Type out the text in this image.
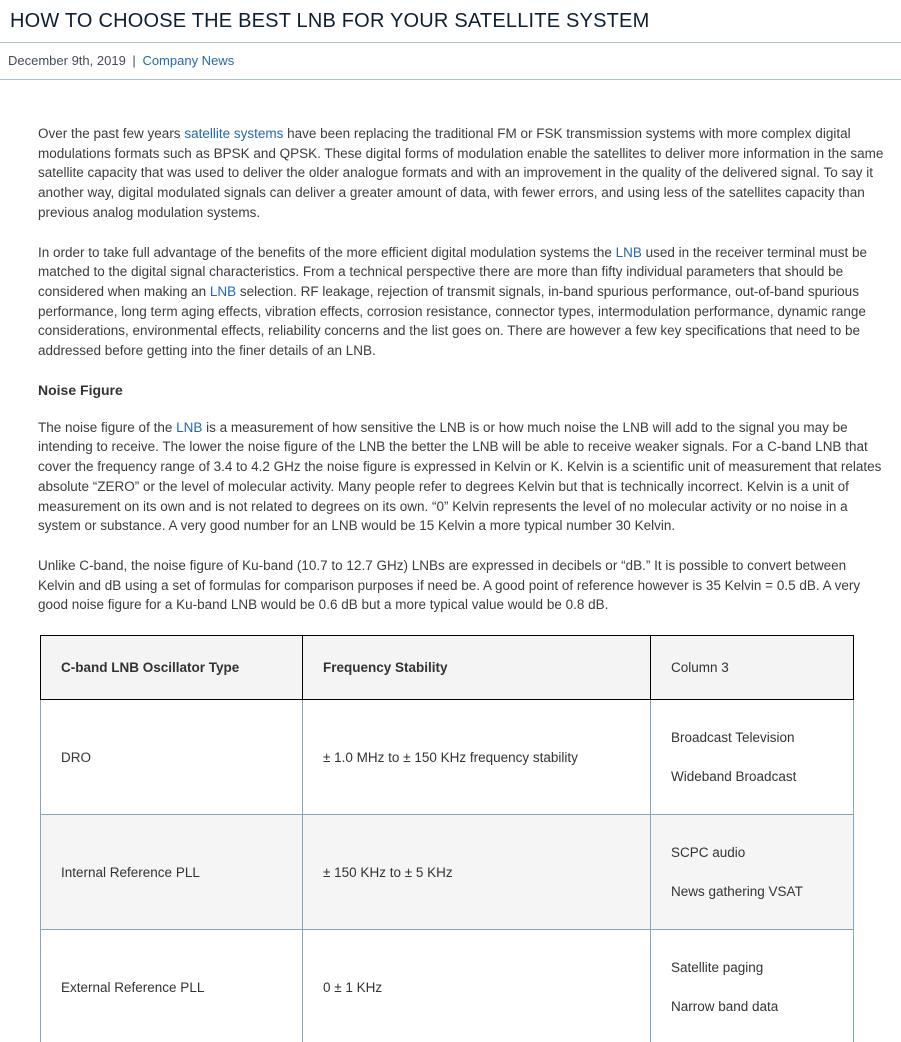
HOW TO CHOOSE THE BEST LNB FOR YOUR SATELLITE SYSTEM
December 9th, 2019 | Company News

Over the past few years satellite systems have been replacing the traditional FM or FSK transmission systems with more complex digital modulations formats such as BPSK and QPSK. These digital forms of modulation enable the satellites to deliver more information in the same satellite capacity that was used to deliver the older analogue formats and with an improvement in the quality of the delivered signal. To say it another way, digital modulated signals can deliver a greater amount of data, with fewer errors, and using less of the satellites capacity than previous analog modulation systems.

In order to take full advantage of the benefits of the more efficient digital modulation systems the LNB used in the receiver terminal must be matched to the digital signal characteristics. From a technical perspective there are more than fifty individual parameters that should be considered when making an LNB selection. RF leakage, rejection of transmit signals, in-band spurious performance, out-of-band spurious performance, long term aging effects, vibration effects, corrosion resistance, connector types, intermodulation performance, dynamic range considerations, environmental effects, reliability concerns and the list goes on. There are however a few key specifications that need to be addressed before getting into the finer details of an LNB.

Noise Figure

The noise figure of the LNB is a measurement of how sensitive the LNB is or how much noise the LNB will add to the signal you may be intending to receive. The lower the noise figure of the LNB the better the LNB will be able to receive weaker signals. For a C-band LNB that cover the frequency range of 3.4 to 4.2 GHz the noise figure is expressed in Kelvin or K. Kelvin is a scientific unit of measurement that relates absolute “ZERO” or the level of molecular activity. Many people refer to degrees Kelvin but that is technically incorrect. Kelvin is a unit of measurement on its own and is not related to degrees on its own. “0” Kelvin represents the level of no molecular activity or no noise in a system or substance. A very good number for an LNB would be 15 Kelvin a more typical number 30 Kelvin.

Unlike C-band, the noise figure of Ku-band (10.7 to 12.7 GHz) LNBs are expressed in decibels or “dB.” It is possible to convert between Kelvin and dB using a set of formulas for comparison purposes if need be. A good point of reference however is 35 Kelvin = 0.5 dB. A very good noise figure for a Ku-band LNB would be 0.6 dB but a more typical value would be 0.8 dB.

C-band LNB Oscillator Type	Frequency Stability	Column 3
DRO	± 1.0 MHz to ± 150 KHz frequency stability	Broadcast Television

Wideband Broadcast

Internal Reference PLL	± 150 KHz to ± 5 KHz	SCPC audio

News gathering VSAT

External Reference PLL	0 ± 1 KHz	Satellite paging

Narrow band data
